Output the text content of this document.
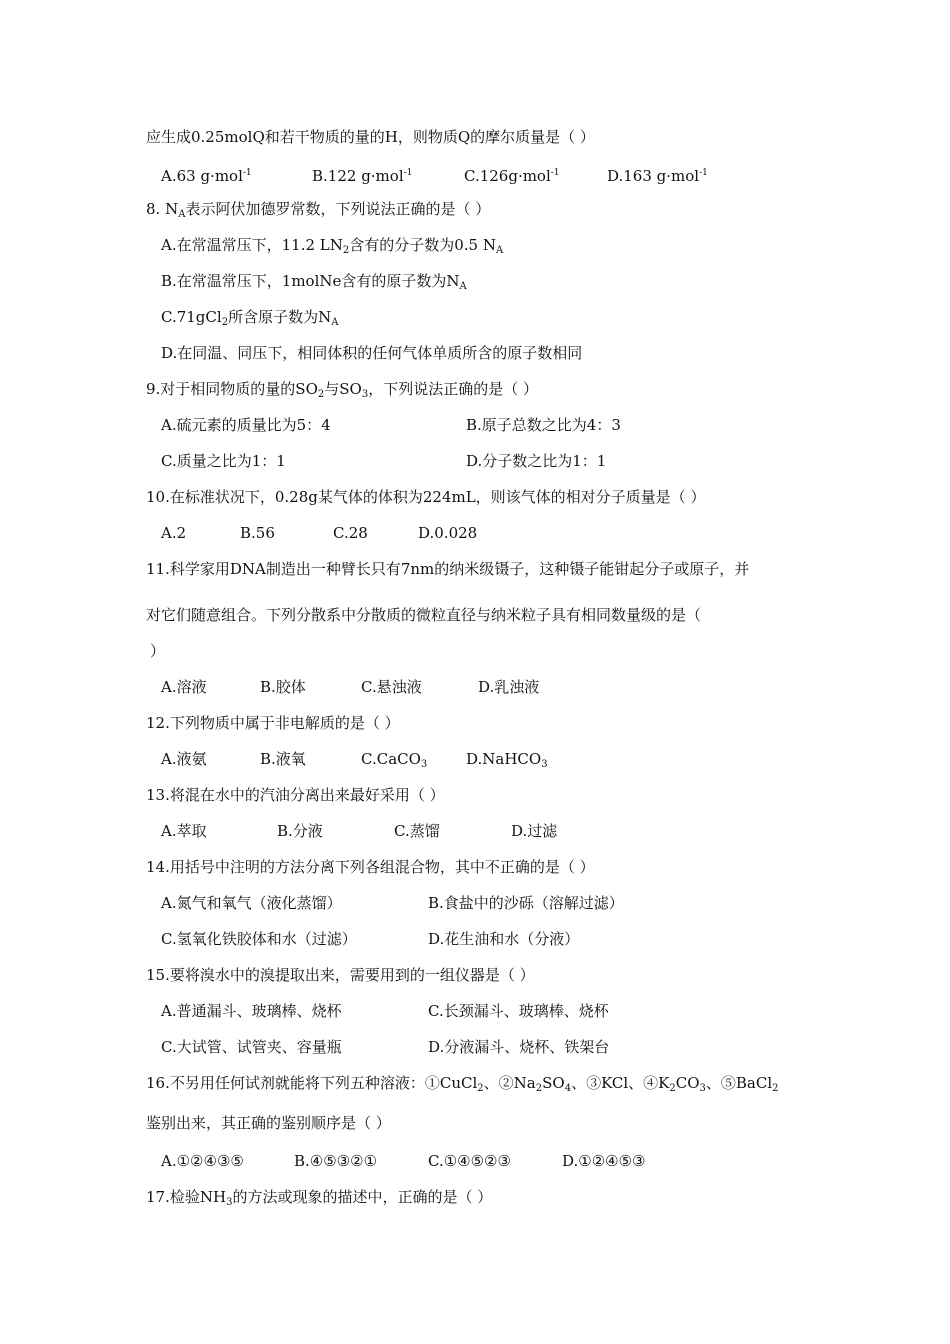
应生成0.25molQ和若干物质的量的H，则物质Q的摩尔质量是（ ）
A.63 g·mol$^{-1}$	B.122 g·mol$^{-1}$	C.126g·mol$^{-1}$	D.163 g·mol$^{-1}$
8. $N_A$表示阿伏加德罗常数，下列说法正确的是（ ）
A.在常温常压下，11.2 $LN_2$含有的分子数为0.5 $N_A$
B.在常温常压下，1molNe含有的原子数为$N_A$
C.71gCl$_2$所含原子数为$N_A$
D.在同温、同压下，相同体积的任何气体单质所含的原子数相同
9.对于相同物质的量的$SO_2$与$SO_3$，下列说法正确的是（ ）
A.硫元素的质量比为5：4	B.原子总数之比为4：3
C.质量之比为1：1	D.分子数之比为1：1
10.在标准状况下，0.28g某气体的体积为224mL，则该气体的相对分子质量是（ ）
A.2	B.56	C.28	D.0.028
11.科学家用DNA制造出一种臂长只有7nm的纳米级镊子，这种镊子能钳起分子或原子，并
对它们随意组合。下列分散系中分散质的微粒直径与纳米粒子具有相同数量级的是（
）
A.溶液	B.胶体	C.悬浊液	D.乳浊液
12.下列物质中属于非电解质的是（ ）
A.液氨	B.液氧	C.CaCO$_3$	D.NaHCO$_3$
13.将混在水中的汽油分离出来最好采用（ ）
A.萃取	B.分液	C.蒸馏	D.过滤
14.用括号中注明的方法分离下列各组混合物，其中不正确的是（ ）
A.氮气和氧气（液化蒸馏）	B.食盐中的沙砾（溶解过滤）
C.氢氧化铁胶体和水（过滤）	D.花生油和水（分液）
15.要将溴水中的溴提取出来，需要用到的一组仪器是（ ）
A.普通漏斗、玻璃棒、烧杯	C.长颈漏斗、玻璃棒、烧杯
C.大试管、试管夹、容量瓶	D.分液漏斗、烧杯、铁架台
16.不另用任何试剂就能将下列五种溶液：①CuCl$_2$、$②Na_2SO_4$、③KCl、$④K_2CO_3$、⑤BaCl$_2$
鉴别出来，其正确的鉴别顺序是（ ）
A.①②④③⑤	B.④⑤③②①	C.①④⑤②③	D.①②④⑤③
17.检验$NH_3$的方法或现象的描述中，正确的是（ ）
